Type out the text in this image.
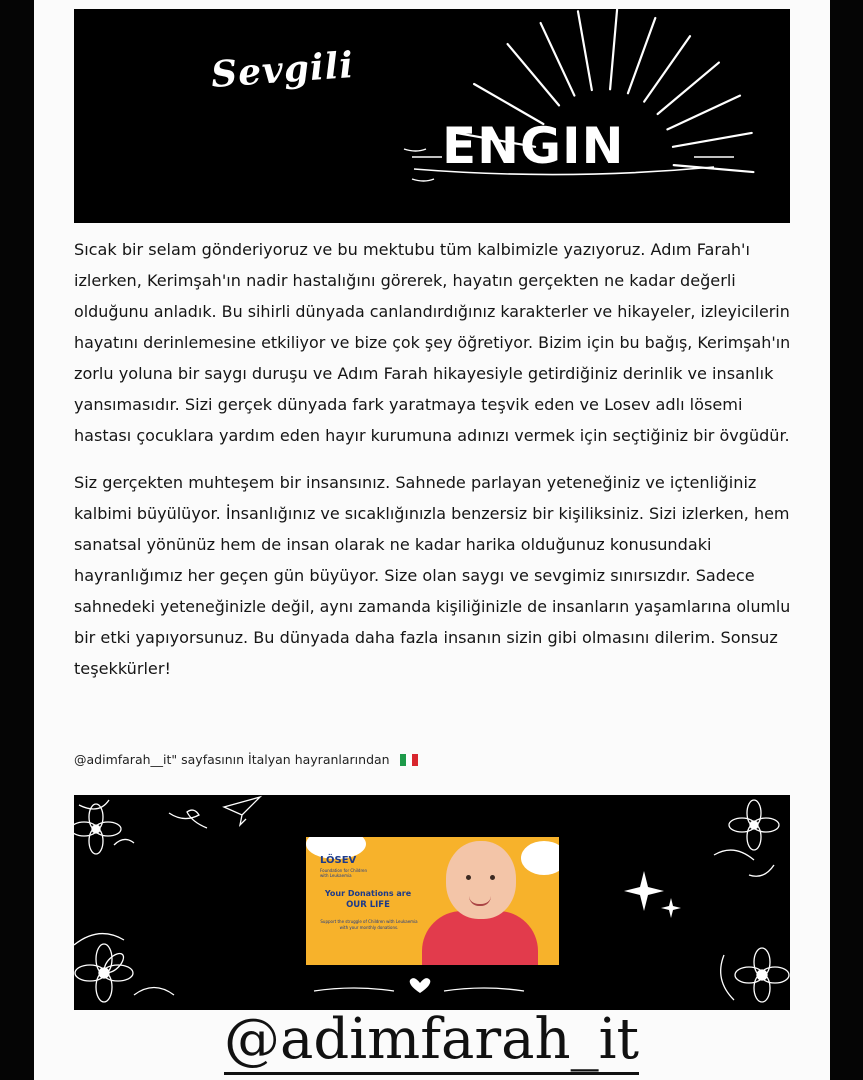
Sevgili
ENGIN
Sıcak bir selam gönderiyoruz ve bu mektubu tüm kalbimizle yazıyoruz. Adım Farah'ı
izlerken, Kerimşah'ın nadir hastalığını görerek, hayatın gerçekten ne kadar değerli
olduğunu anladık. Bu sihirli dünyada canlandırdığınız karakterler ve hikayeler, izleyicilerin
hayatını derinlemesine etkiliyor ve bize çok şey öğretiyor. Bizim için bu bağış, Kerimşah'ın
zorlu yoluna bir saygı duruşu ve Adım Farah hikayesiyle getirdiğiniz derinlik ve insanlık
yansımasıdır. Sizi gerçek dünyada fark yaratmaya teşvik eden ve Losev adlı lösemi
hastası çocuklara yardım eden hayır kurumuna adınızı vermek için seçtiğiniz bir övgüdür.
Siz gerçekten muhteşem bir insansınız. Sahnede parlayan yeteneğiniz ve içtenliğiniz
kalbimi büyülüyor. İnsanlığınız ve sıcaklığınızla benzersiz bir kişiliksiniz. Sizi izlerken, hem
sanatsal yönünüz hem de insan olarak ne kadar harika olduğunuz konusundaki
hayranlığımız her geçen gün büyüyor. Size olan saygı ve sevgimiz sınırsızdır. Sadece
sahnedeki yeteneğinizle değil, aynı zamanda kişiliğinizle de insanların yaşamlarına olumlu
bir etki yapıyorsunuz. Bu dünyada daha fazla insanın sizin gibi olmasını dilerim. Sonsuz
teşekkürler!
@adimfarah__it" sayfasının İtalyan hayranlarından
LÖSEV
Foundation for Children with Leukaemia
Your Donations are
OUR LIFE
Support the struggle of Children with Leukaemia with your monthly donations.
@adimfarah_it
